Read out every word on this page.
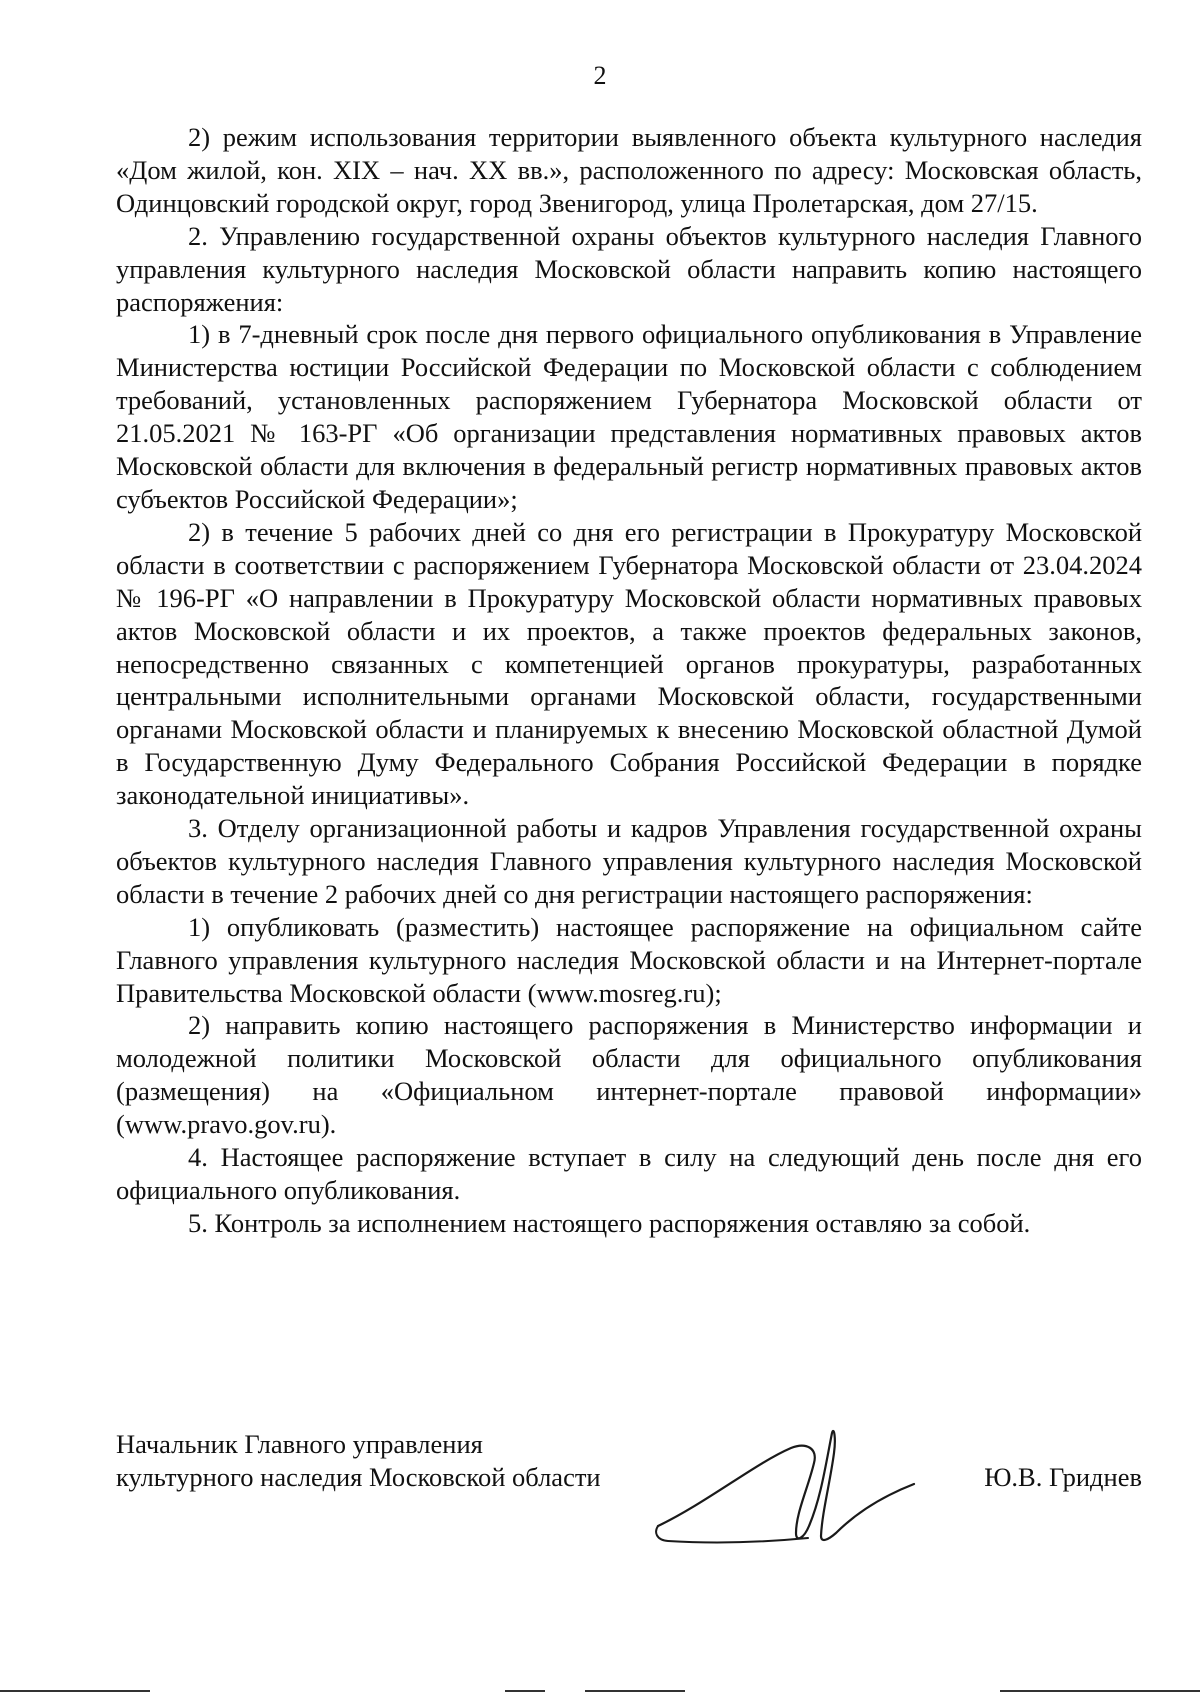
2

2) режим использования территории выявленного объекта культурного наследия «Дом жилой, кон. XIX – нач. XX вв.», расположенного по адресу: Московская область, Одинцовский городской округ, город Звенигород, улица Пролетарская, дом 27/15.

2. Управлению государственной охраны объектов культурного наследия Главного управления культурного наследия Московской области направить копию настоящего распоряжения:

1) в 7-дневный срок после дня первого официального опубликования в Управление Министерства юстиции Российской Федерации по Московской области с соблюдением требований, установленных распоряжением Губернатора Московской области от 21.05.2021 № 163-РГ «Об организации представления нормативных правовых актов Московской области для включения в федеральный регистр нормативных правовых актов субъектов Российской Федерации»;

2) в течение 5 рабочих дней со дня его регистрации в Прокуратуру Московской области в соответствии с распоряжением Губернатора Московской области от 23.04.2024 № 196-РГ «О направлении в Прокуратуру Московской области нормативных правовых актов Московской области и их проектов, а также проектов федеральных законов, непосредственно связанных с компетенцией органов прокуратуры, разработанных центральными исполнительными органами Московской области, государственными органами Московской области и планируемых к внесению Московской областной Думой в Государственную Думу Федерального Собрания Российской Федерации в порядке законодательной инициативы».

3. Отделу организационной работы и кадров Управления государственной охраны объектов культурного наследия Главного управления культурного наследия Московской области в течение 2 рабочих дней со дня регистрации настоящего распоряжения:

1) опубликовать (разместить) настоящее распоряжение на официальном сайте Главного управления культурного наследия Московской области и на Интернет-портале Правительства Московской области (www.mosreg.ru);

2) направить копию настоящего распоряжения в Министерство информации и молодежной политики Московской области для официального опубликования (размещения) на «Официальном интернет-портале правовой информации» (www.pravo.gov.ru).

4. Настоящее распоряжение вступает в силу на следующий день после дня его официального опубликования.

5. Контроль за исполнением настоящего распоряжения оставляю за собой.

Начальник Главного управления
культурного наследия Московской области	Ю.В. Гриднев
